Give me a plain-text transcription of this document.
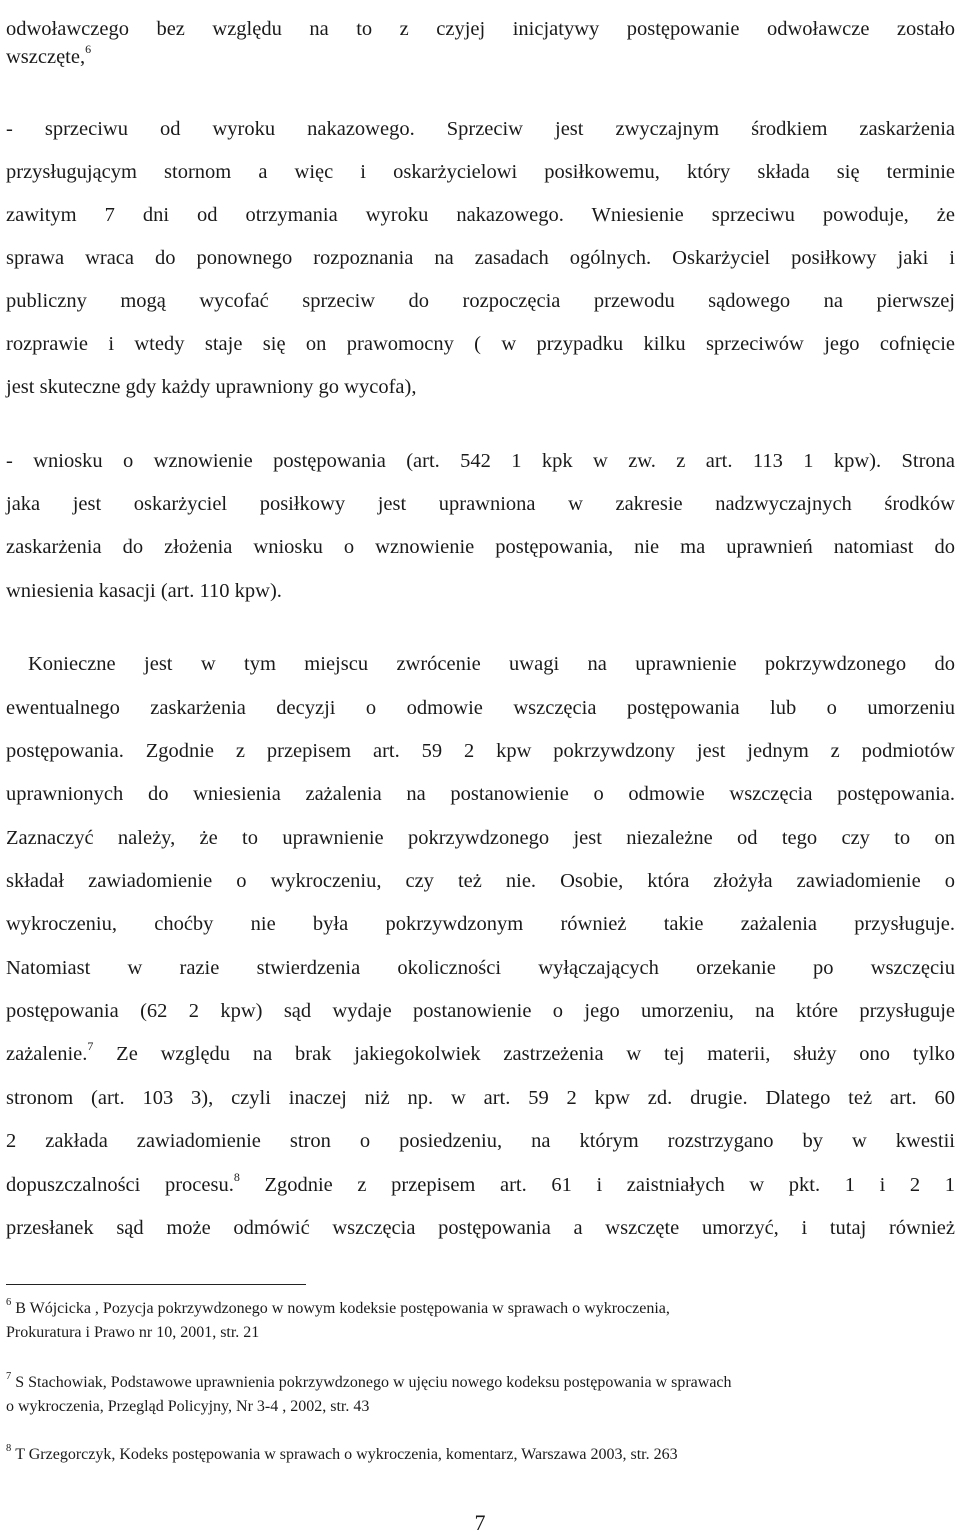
odwoławczego bez względu na to z czyjej inicjatywy postępowanie odwoławcze zostało
wszczęte,$^6$
- sprzeciwu od wyroku nakazowego. Sprzeciw jest zwyczajnym środkiem zaskarżenia
przysługującym stornom a więc i oskarżycielowi posiłkowemu, który składa się terminie
zawitym 7 dni od otrzymania wyroku nakazowego. Wniesienie sprzeciwu powoduje, że
sprawa wraca do ponownego rozpoznania na zasadach ogólnych. Oskarżyciel posiłkowy jaki i
publiczny mogą wycofać sprzeciw do rozpoczęcia przewodu sądowego na pierwszej
rozprawie i wtedy staje się on prawomocny ( w przypadku kilku sprzeciwów jego cofnięcie
jest skuteczne gdy każdy uprawniony go wycofa),
- wniosku o wznowienie postępowania (art. 542 1 kpk w zw. z art. 113 1 kpw). Strona
jaka jest oskarżyciel posiłkowy jest uprawniona w zakresie nadzwyczajnych środków
zaskarżenia do złożenia wniosku o wznowienie postępowania, nie ma uprawnień natomiast do
wniesienia kasacji (art. 110 kpw).
Konieczne jest w tym miejscu zwrócenie uwagi na uprawnienie pokrzywdzonego do
ewentualnego zaskarżenia decyzji o odmowie wszczęcia postępowania lub o umorzeniu
postępowania. Zgodnie z przepisem art. 59 2 kpw pokrzywdzony jest jednym z podmiotów
uprawnionych do wniesienia zażalenia na postanowienie o odmowie wszczęcia postępowania.
Zaznaczyć należy, że to uprawnienie pokrzywdzonego jest niezależne od tego czy to on
składał zawiadomienie o wykroczeniu, czy też nie. Osobie, która złożyła zawiadomienie o
wykroczeniu, choćby nie była pokrzywdzonym również takie zażalenia przysługuje.
Natomiast w razie stwierdzenia okoliczności wyłączających orzekanie po wszczęciu
postępowania (62 2 kpw) sąd wydaje postanowienie o jego umorzeniu, na które przysługuje
zażalenie.$^7$ Ze względu na brak jakiegokolwiek zastrzeżenia w tej materii, służy ono tylko
stronom (art. 103 3), czyli inaczej niż np. w art. 59 2 kpw zd. drugie. Dlatego też art. 60
2 zakłada zawiadomienie stron o posiedzeniu, na którym rozstrzygano by w kwestii
dopuszczalności procesu.$^8$ Zgodnie z przepisem art. 61 i zaistniałych w pkt. 1 i 2 1
przesłanek sąd może odmówić wszczęcia postępowania a wszczęte umorzyć, i tutaj również
$^6$ B Wójcicka , Pozycja pokrzywdzonego w nowym kodeksie postępowania w sprawach o wykroczenia,
Prokuratura i Prawo nr 10, 2001, str. 21
$^7$ S Stachowiak, Podstawowe uprawnienia pokrzywdzonego w ujęciu nowego kodeksu postępowania w sprawach
o wykroczenia, Przegląd Policyjny, Nr 3-4 , 2002, str. 43
$^8$ T Grzegorczyk, Kodeks postępowania w sprawach o wykroczenia, komentarz, Warszawa 2003, str. 263
7
